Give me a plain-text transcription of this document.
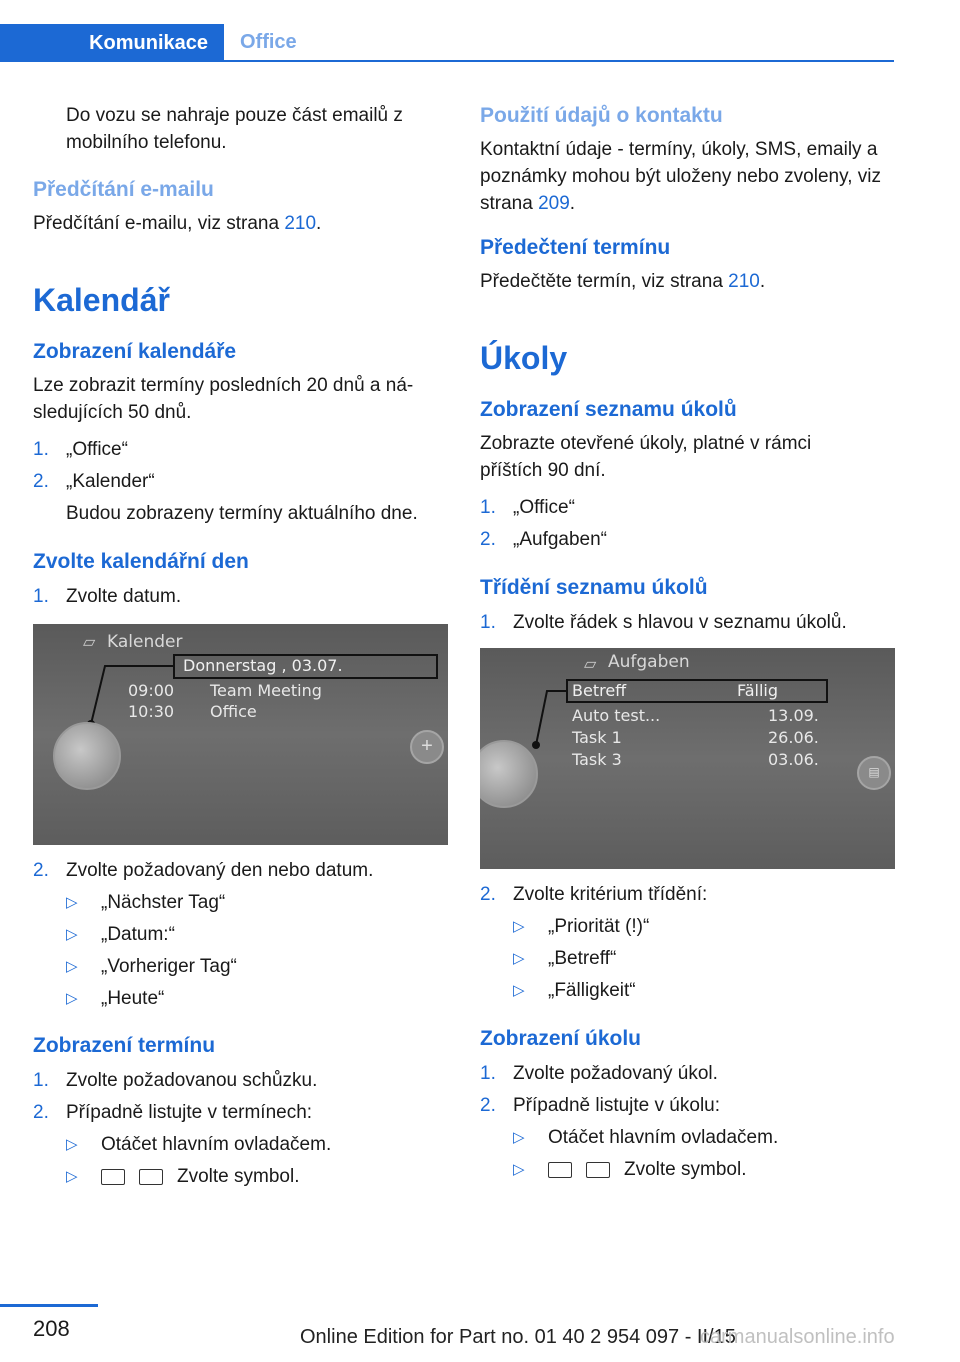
Komunikace	Office

Do vozu se nahraje pouze část emailů z mobilního telefonu.

Předčítání e-mailu

Předčítání e-mailu, viz strana 210.

Kalendář
Zobrazení kalendáře

Lze zobrazit termíny posledních 20 dnů a ná-sledujících 50 dnů.

1. „Office“
2. „Kalender“
Budou zobrazeny termíny aktuálního dne.
Zvolte kalendářní den
1. Zvolte datum.
▱ Kalender
Donnerstag , 03.07.
09:00 Team Meeting
10:30 Office
+
2. Zvolte požadovaný den nebo datum.
▷ „Nächster Tag“
▷ „Datum:“
▷ „Vorheriger Tag“
▷ „Heute“
Zobrazení termínu
1. Zvolte požadovanou schůzku.
2. Případně listujte v termínech:
▷ Otáčet hlavním ovladačem.
▷	Zvolte symbol.
Použití údajů o kontaktu

Kontaktní údaje - termíny, úkoly, SMS, emaily a poznámky mohou být uloženy nebo zvoleny, viz strana 209.

Předečtení termínu

Předečtěte termín, viz strana 210.

Úkoly
Zobrazení seznamu úkolů

Zobrazte otevřené úkoly, platné v rámci příštích 90 dní.

1. „Office“
2. „Aufgaben“
Třídění seznamu úkolů
1. Zvolte řádek s hlavou v seznamu úkolů.
▱ Aufgaben
Betreff	Fällig
Auto test...	13.09.
Task 1	26.06.
Task 3	03.06.
▤
2. Zvolte kritérium třídění:
▷ „Priorität (!)“
▷ „Betreff“
▷ „Fälligkeit“
Zobrazení úkolu
1. Zvolte požadovaný úkol.
2. Případně listujte v úkolu:
▷ Otáčet hlavním ovladačem.
▷	Zvolte symbol.
208	Online Edition for Part no. 01 40 2 954 097 - II/15
carmanualsonline.info
